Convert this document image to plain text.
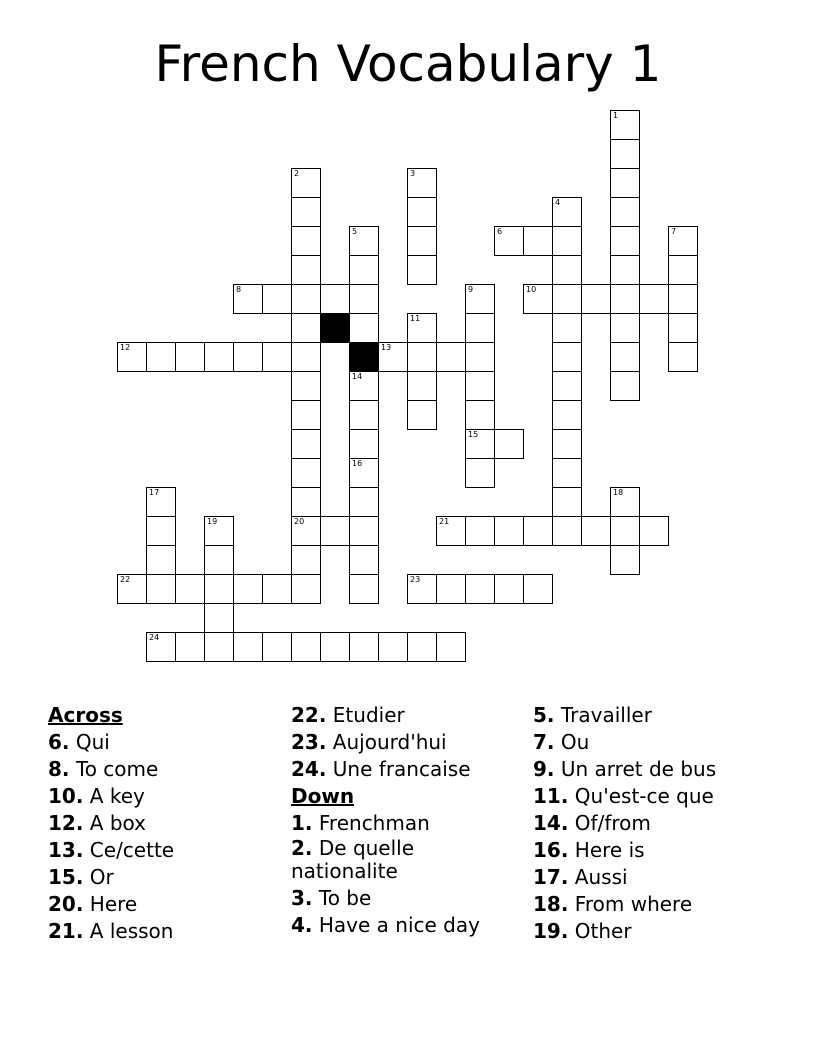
French Vocabulary 1
1
2
20
3
4
5	7
9
15
11
14
16
17	18
19
6
8	10
12	13
21
22	23
24
Across
6. Qui
8. To come
10. A key
12. A box
13. Ce/cette
15. Or
20. Here
21. A lesson
22. Etudier
23. Aujourd'hui
24. Une francaise
Down
1. Frenchman
2. De quelle nationalite
3. To be
4. Have a nice day
5. Travailler
7. Ou
9. Un arret de bus
11. Qu'est-ce que
14. Of/from
16. Here is
17. Aussi
18. From where
19. Other
